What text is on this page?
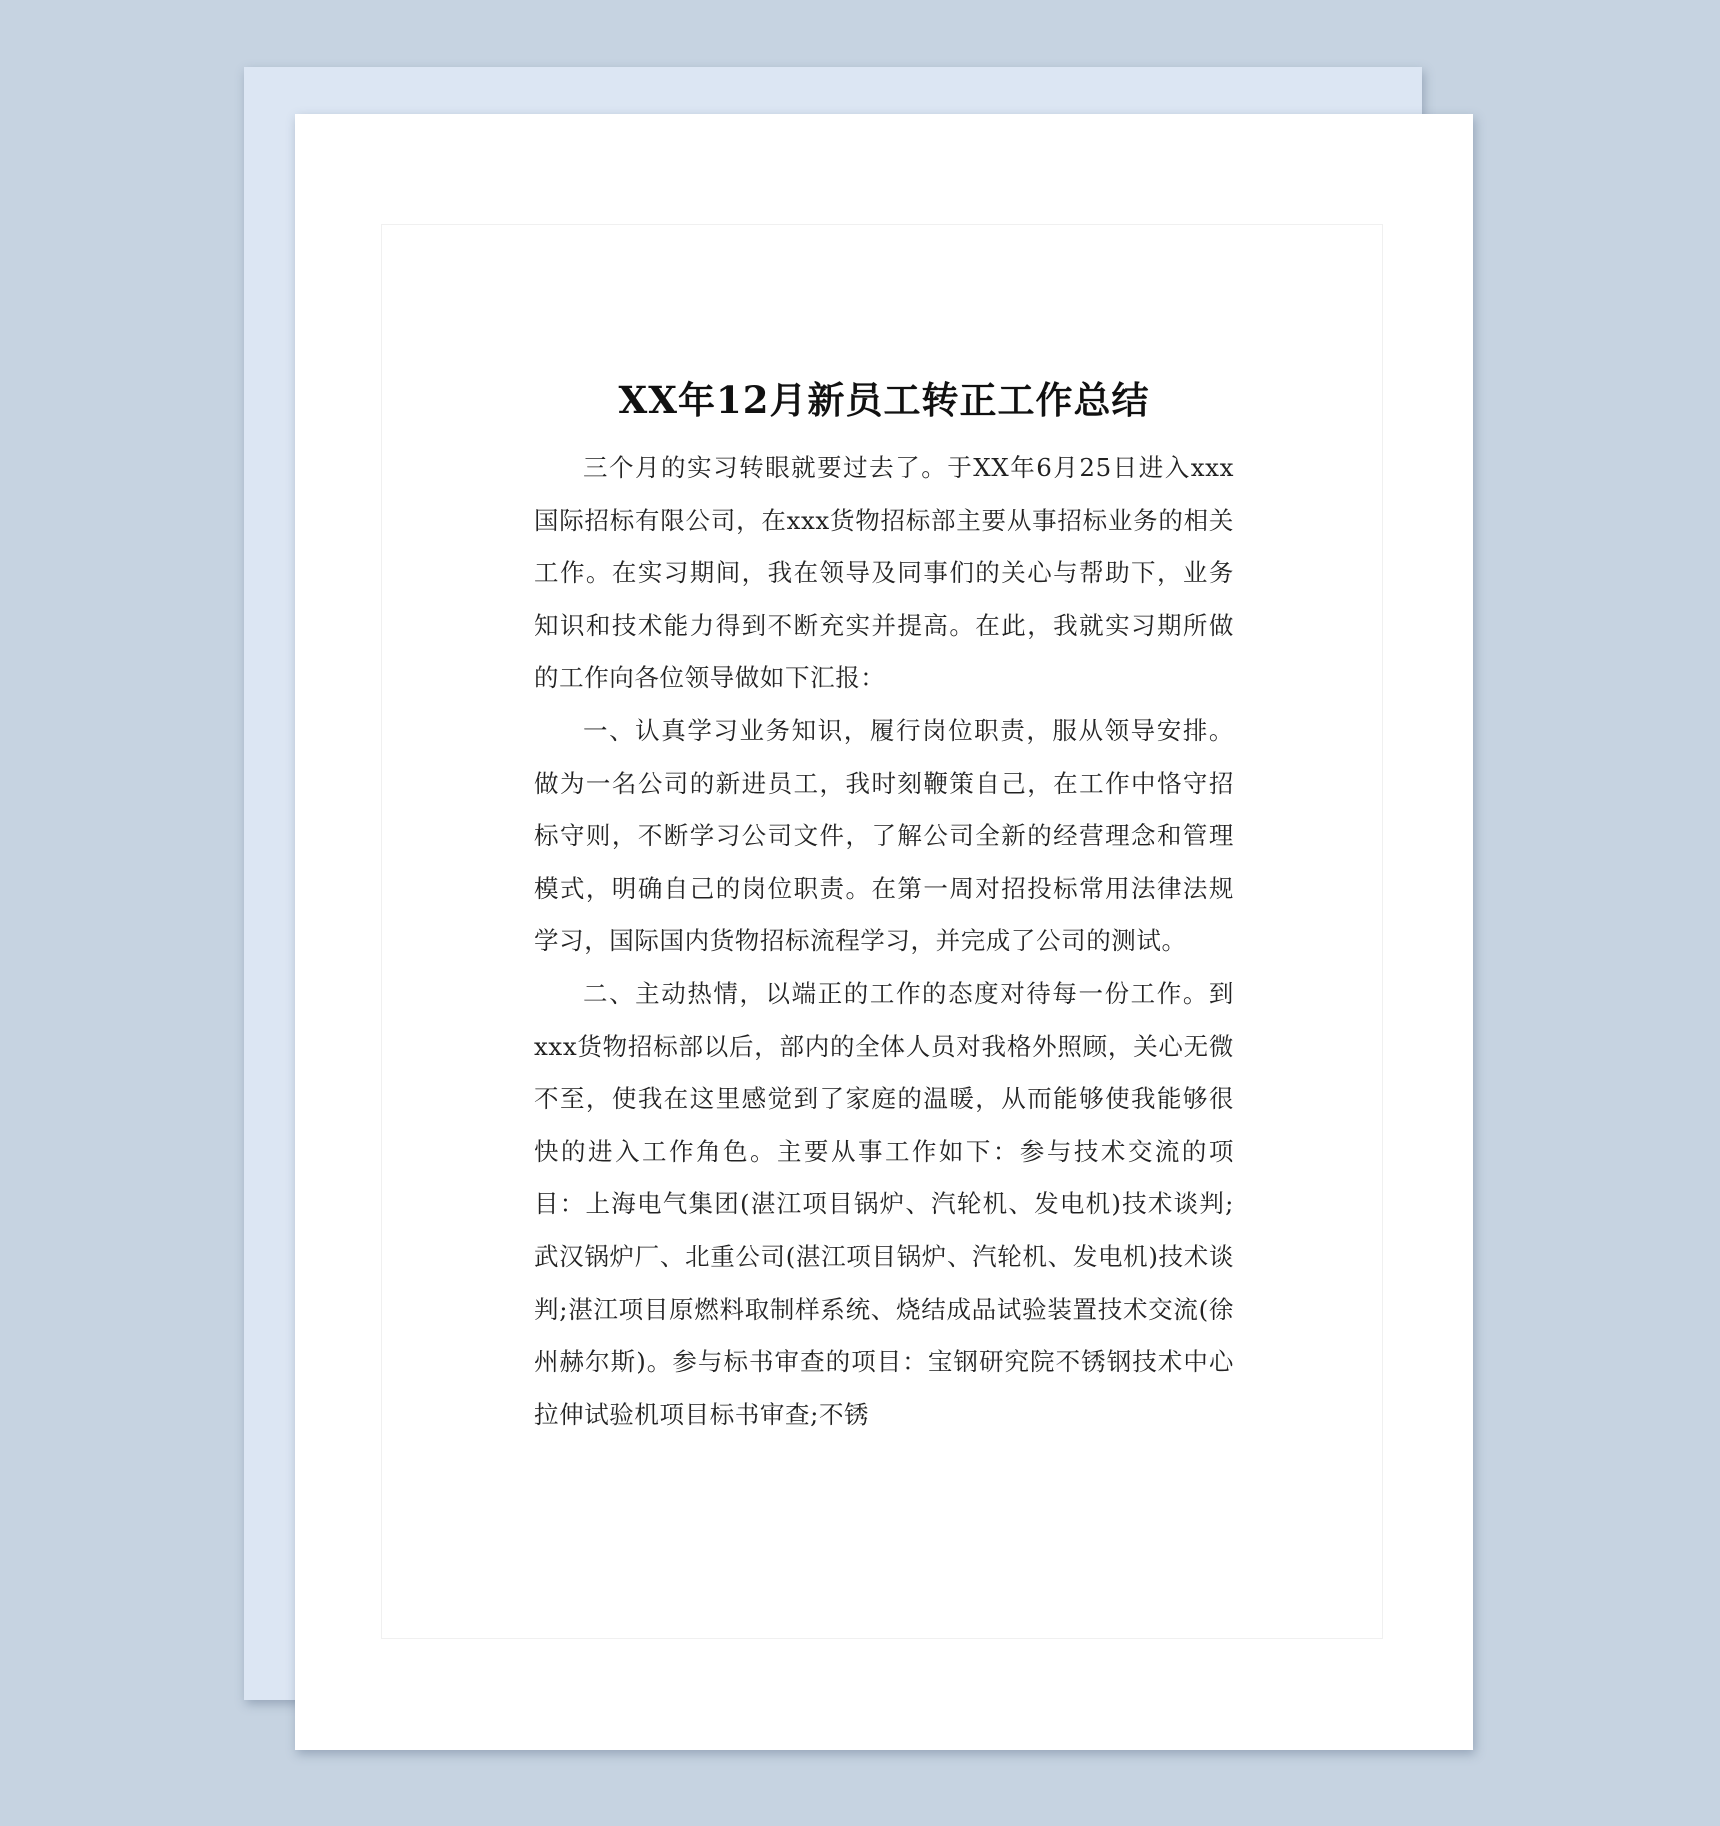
XX年12月新员工转正工作总结

三个月的实习转眼就要过去了。于XX年6月25日进入xxx国际招标有限公司，在xxx货物招标部主要从事招标业务的相关工作。在实习期间，我在领导及同事们的关心与帮助下，业务知识和技术能力得到不断充实并提高。在此，我就实习期所做的工作向各位领导做如下汇报：

一、认真学习业务知识，履行岗位职责，服从领导安排。做为一名公司的新进员工，我时刻鞭策自己，在工作中恪守招标守则，不断学习公司文件，了解公司全新的经营理念和管理模式，明确自己的岗位职责。在第一周对招投标常用法律法规学习，国际国内货物招标流程学习，并完成了公司的测试。

二、主动热情，以端正的工作的态度对待每一份工作。到xxx货物招标部以后，部内的全体人员对我格外照顾，关心无微不至，使我在这里感觉到了家庭的温暖，从而能够使我能够很快的进入工作角色。主要从事工作如下：参与技术交流的项目：上海电气集团(湛江项目锅炉、汽轮机、发电机)技术谈判;武汉锅炉厂、北重公司(湛江项目锅炉、汽轮机、发电机)技术谈判;湛江项目原燃料取制样系统、烧结成品试验装置技术交流(徐州赫尔斯)。参与标书审查的项目：宝钢研究院不锈钢技术中心拉伸试验机项目标书审查;不锈
